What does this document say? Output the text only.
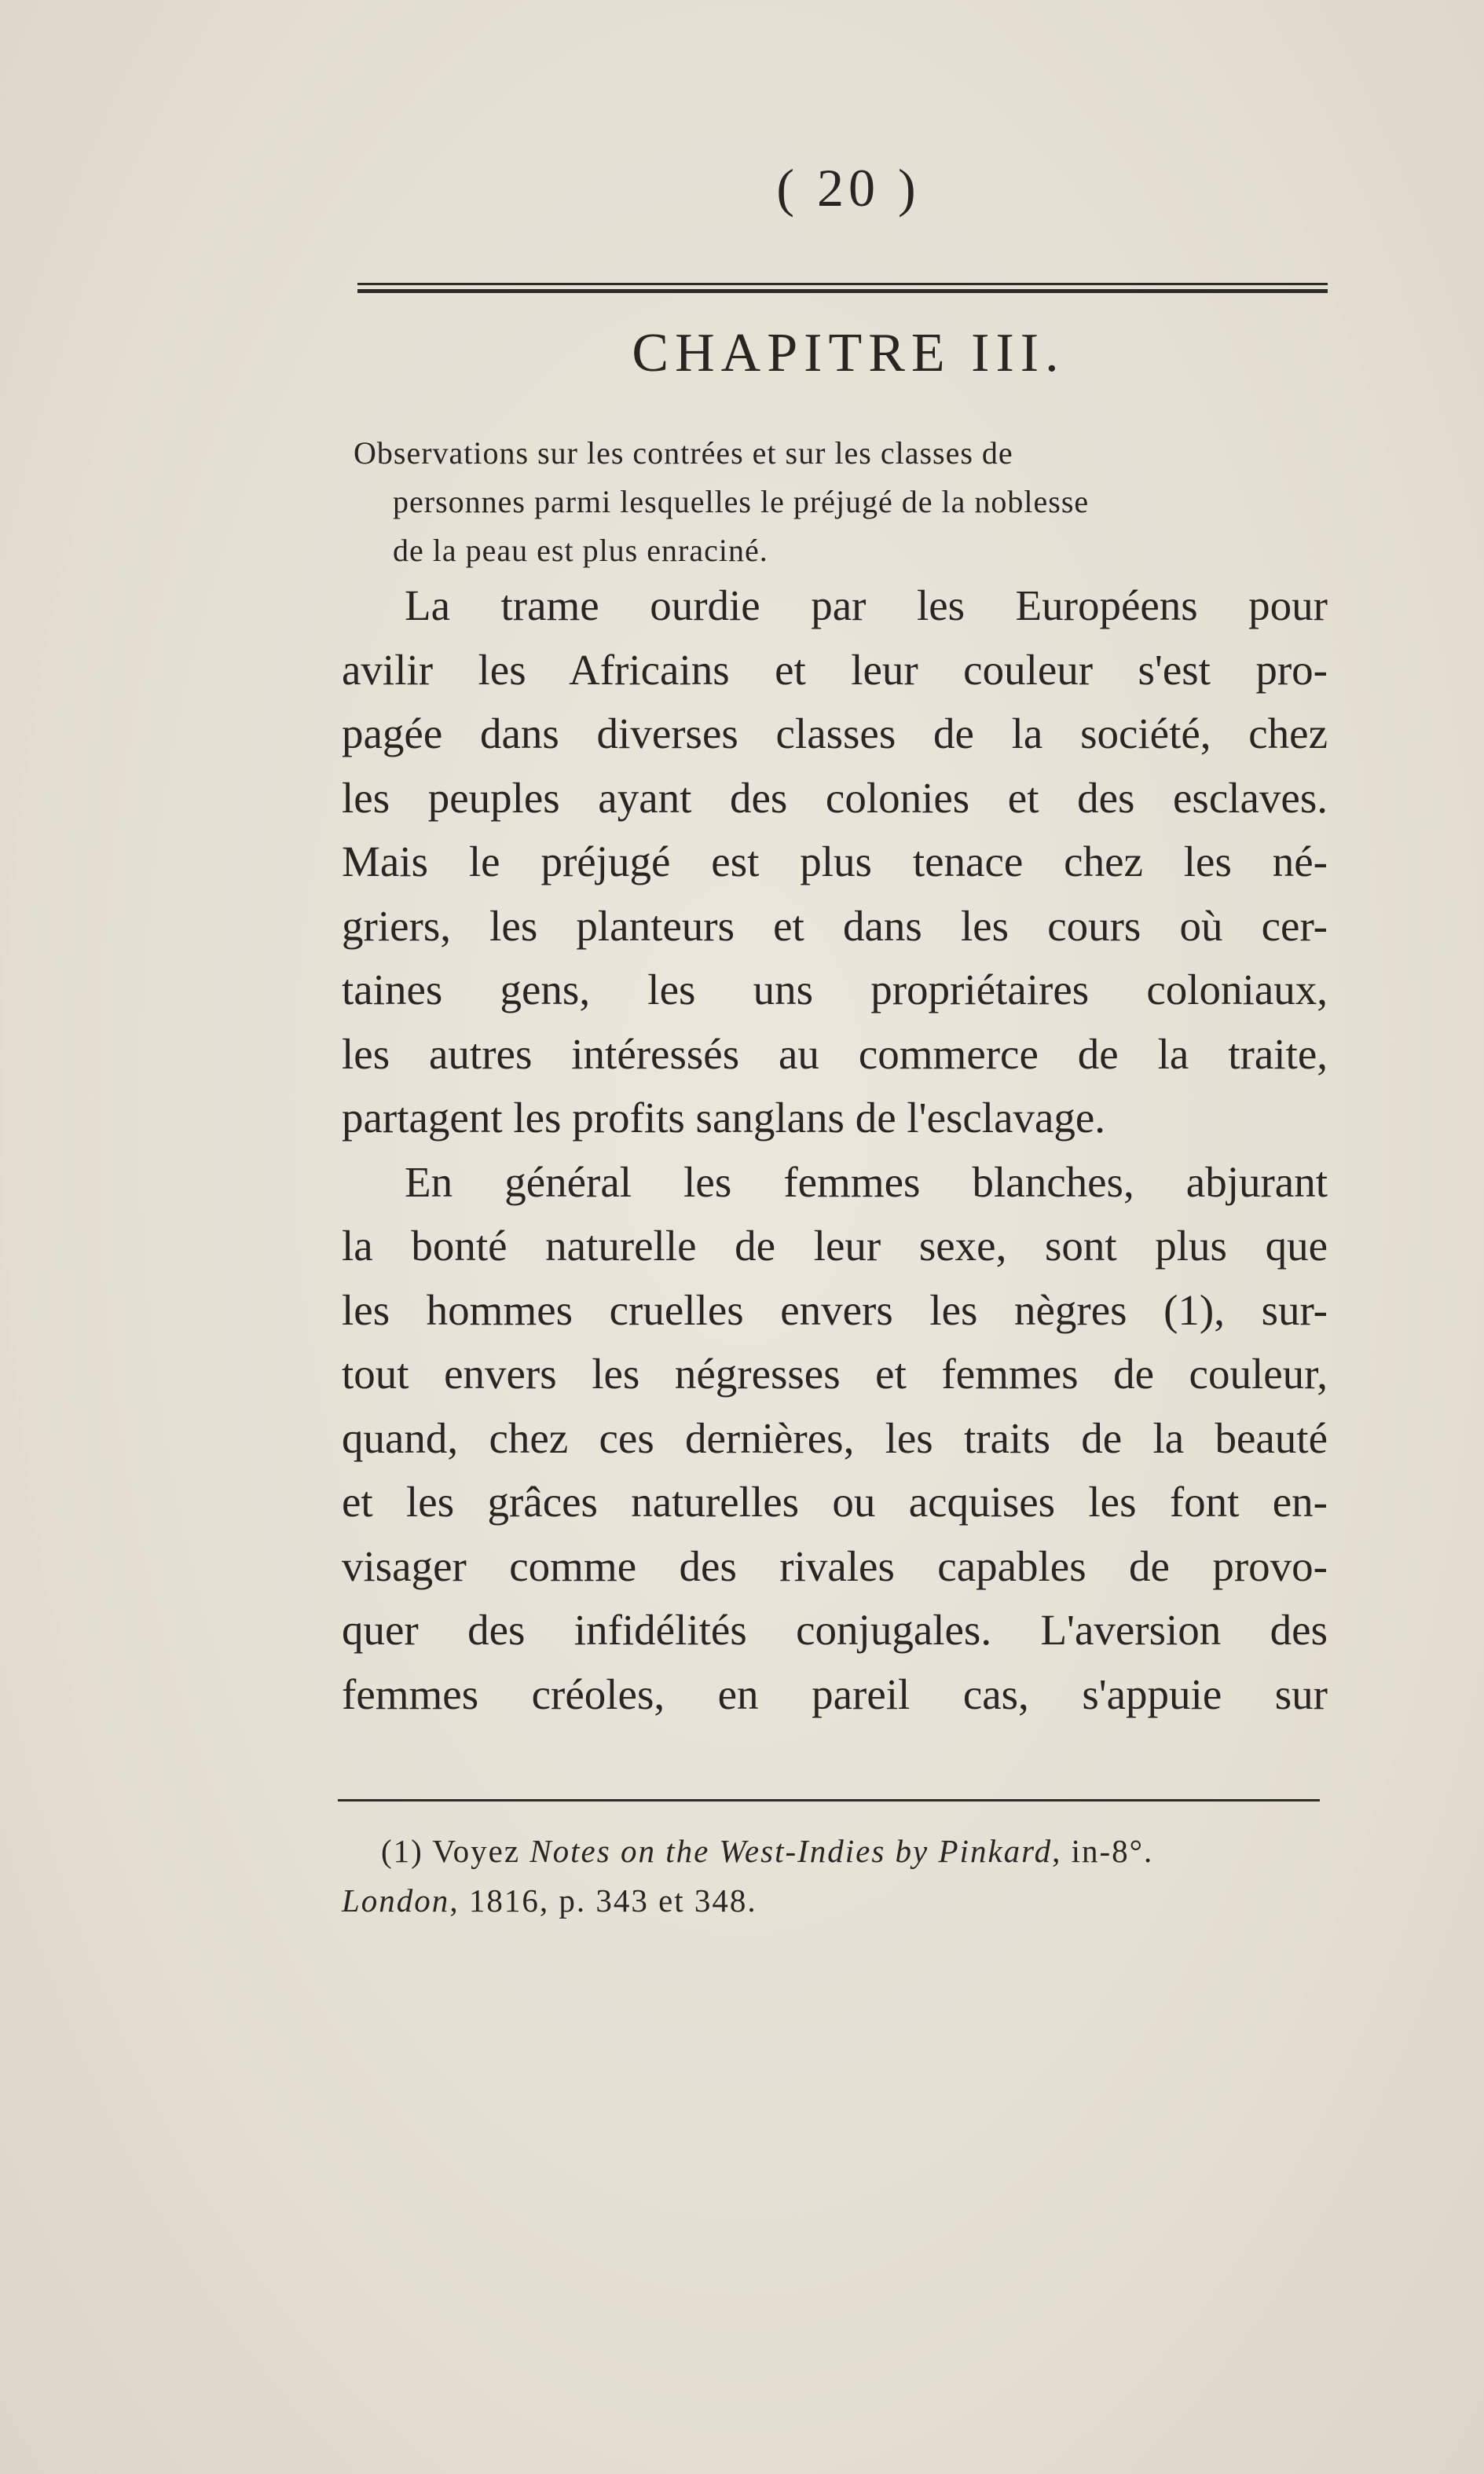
( 20 )
CHAPITRE III.
Observations sur les contrées et sur les classes de
personnes parmi lesquelles le préjugé de la noblesse
de la peau est plus enraciné.
La trame ourdie par les Européens pour
avilir les Africains et leur couleur s'est pro-
pagée dans diverses classes de la société, chez
les peuples ayant des colonies et des esclaves.
Mais le préjugé est plus tenace chez les né-
griers, les planteurs et dans les cours où cer-
taines gens, les uns propriétaires coloniaux,
les autres intéressés au commerce de la traite,
partagent les profits sanglans de l'esclavage.
En général les femmes blanches, abjurant
la bonté naturelle de leur sexe, sont plus que
les hommes cruelles envers les nègres (1), sur-
tout envers les négresses et femmes de couleur,
quand, chez ces dernières, les traits de la beauté
et les grâces naturelles ou acquises les font en-
visager comme des rivales capables de provo-
quer des infidélités conjugales. L'aversion des
femmes créoles, en pareil cas, s'appuie sur
(1) Voyez Notes on the West-Indies by Pinkard, in-8°.
London, 1816, p. 343 et 348.
